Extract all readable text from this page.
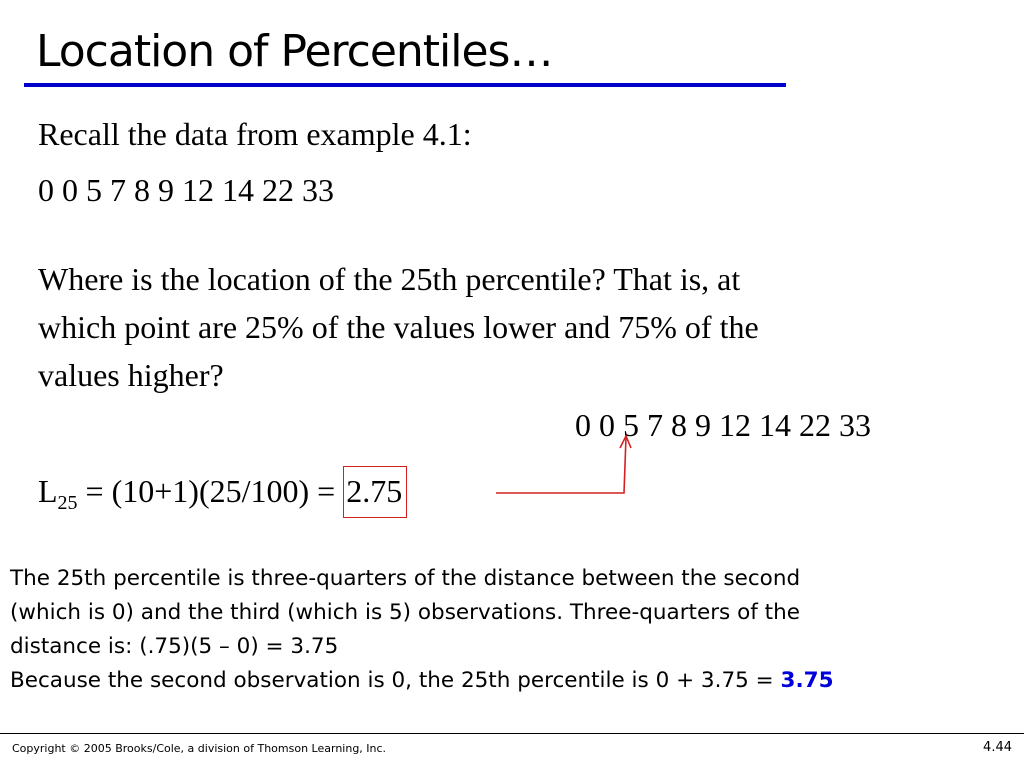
Location of Percentiles…
Recall the data from example 4.1:
0 0 5 7 8 9 12 14 22 33
Where is the location of the 25th percentile? That is, at
which point are 25% of the values lower and 75% of the
values higher?
0 0 5 7 8 9 12 14 22 33
$L_{25} = (10+1)(25/100) = 2.75$
The 25th percentile is three-quarters of the distance between the second
(which is 0) and the third (which is 5) observations. Three-quarters of the
distance is: (.75)(5 – 0) = 3.75
Because the second observation is 0, the 25th percentile is 0 + 3.75 = 3.75
Copyright © 2005 Brooks/Cole, a division of Thomson Learning, Inc.	4.44
